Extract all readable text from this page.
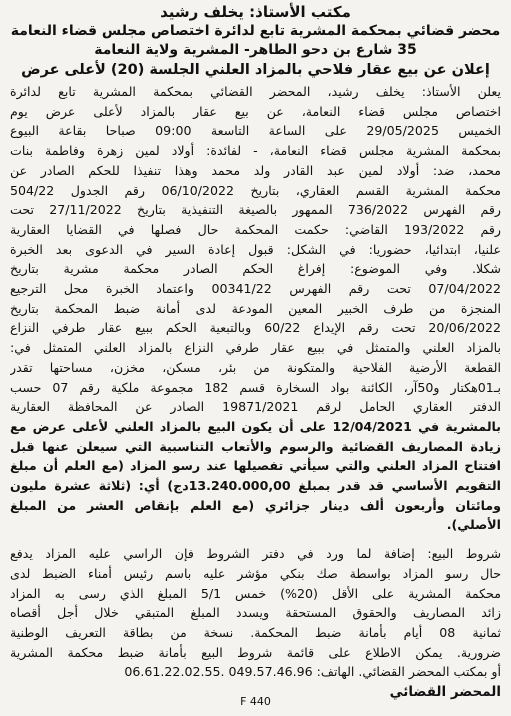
مكتب الأستاذ: يخلف رشيد
محضر قضائي بمحكمة المشرية تابع لدائرة اختصاص مجلس قضاء النعامة
35 شارع بن دحو الطاهر- المشرية ولاية النعامة
إعلان عن بيع عقار فلاحي بالمزاد العلني الجلسة (20) لأعلى عرض
يعلن الأستاذ: يخلف رشيد، المحضر القضائي بمحكمة المشرية تابع لدائرة
اختصاص مجلس قضاء النعامة، عن بيع عقار بالمزاد لأعلى عرض يوم
الخميس 29/05/2025 على الساعة التاسعة 09:00 صباحا بقاعة البيوع
بمحكمة المشرية مجلس قضاء النعامة، - لفائدة: أولاد لمين زهرة وفاطمة بنات
محمد، ضد: أولاد لمين عبد القادر ولد محمد وهذا تنفيذا للحكم الصادر عن
محكمة المشرية القسم العقاري، بتاريخ 06/10/2022 رقم الجدول 504/22
رقم الفهرس 736/2022 الممهور بالصيغة التنفيذية بتاريخ 27/11/2022 تحت
رقم 193/2022 القاضي: حكمت المحكمة حال فصلها في القضايا العقارية
علنيا، ابتدائيا، حضوريا: في الشكل: قبول إعادة السير في الدعوى بعد الخبرة
شكلا. وفي الموضوع: إفراغ الحكم الصادر محكمة مشرية بتاريخ
07/04/2022 تحت رقم الفهرس 00341/22 واعتماد الخبرة محل الترجيع
المنجزة من طرف الخبير المعين المودعة لدى أمانة ضبط المحكمة بتاريخ
20/06/2022 تحت رقم الإيداع 60/22 وبالتبعية الحكم ببيع عقار طرفي النزاع
بالمزاد العلني والمتمثل في ببيع عقار طرفي النزاع بالمزاد العلني المتمثل في:
القطعة الأرضية الفلاحية والمتكونة من بئر، مسكن، مخزن، مساحتها تقدر
بـ01هكتار و50آر، الكائنة بواد السخارة قسم 182 مجموعة ملكية رقم 07 حسب
الدفتر العقاري الحامل لرقم 19871/2021 الصادر عن المحافظة العقارية
بالمشرية في 12/04/2021 على أن يكون البيع بالمزاد العلني لأعلى عرض مع
زيادة المصاريف القضائية والرسوم والأتعاب التناسبية التي سيعلن عنها قبل
افتتاح المزاد العلني والتي سيأتي تفصيلها عند رسو المزاد (مع العلم أن مبلغ
التقويم الأساسي قد قدر بمبلغ 13.240.000,00دج) أي: (ثلاثة عشرة مليون
ومائتان وأربعون ألف دينار جزائري (مع العلم بإنقاص العشر من المبلغ
الأصلي).
شروط البيع: إضافة لما ورد في دفتر الشروط فإن الراسي عليه المزاد يدفع
حال رسو المزاد بواسطة صك بنكي مؤشر عليه باسم رئيس أمناء الضبط لدى
محكمة المشرية على الأقل (20%) خمس 5/1 المبلغ الذي رسى به المزاد
زائد المصاريف والحقوق المستحقة ويسدد المبلغ المتبقي خلال أجل أقصاه
ثمانية 08 أيام بأمانة ضبط المحكمة. نسخة من بطاقة التعريف الوطنية
ضرورية. يمكن الاطلاع على قائمة شروط البيع بأمانة ضبط محكمة المشرية
أو بمكتب المحضر القضائي. الهاتف: 049.57.46.96 .06.61.22.02.55
المحضر القضائي
F 440
